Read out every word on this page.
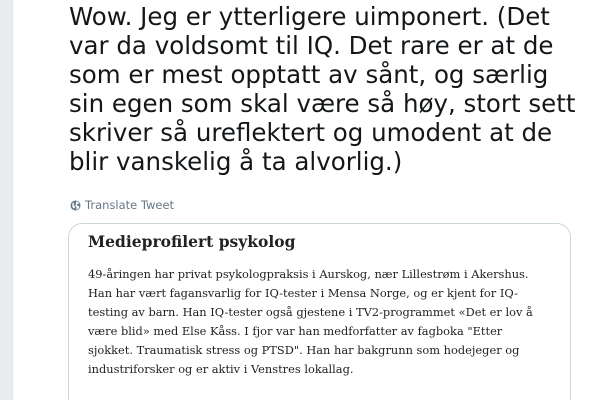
Wow. Jeg er ytterligere uimponert. (Det
var da voldsomt til IQ. Det rare er at de
som er mest opptatt av sånt, og særlig
sin egen som skal være så høy, stort sett
skriver så ureflektert og umodent at de
blir vanskelig å ta alvorlig.)

Translate Tweet
Medieprofilert psykolog

49-åringen har privat psykologpraksis i Aurskog, nær Lillestrøm i Akershus.
Han har vært fagansvarlig for IQ-tester i Mensa Norge, og er kjent for IQ-
testing av barn. Han IQ-tester også gjestene i TV2-programmet «Det er lov å
være blid» med Else Kåss. I fjor var han medforfatter av fagboka "Etter
sjokket. Traumatisk stress og PTSD". Han har bakgrunn som hodejeger og
industriforsker og er aktiv i Venstres lokallag.
